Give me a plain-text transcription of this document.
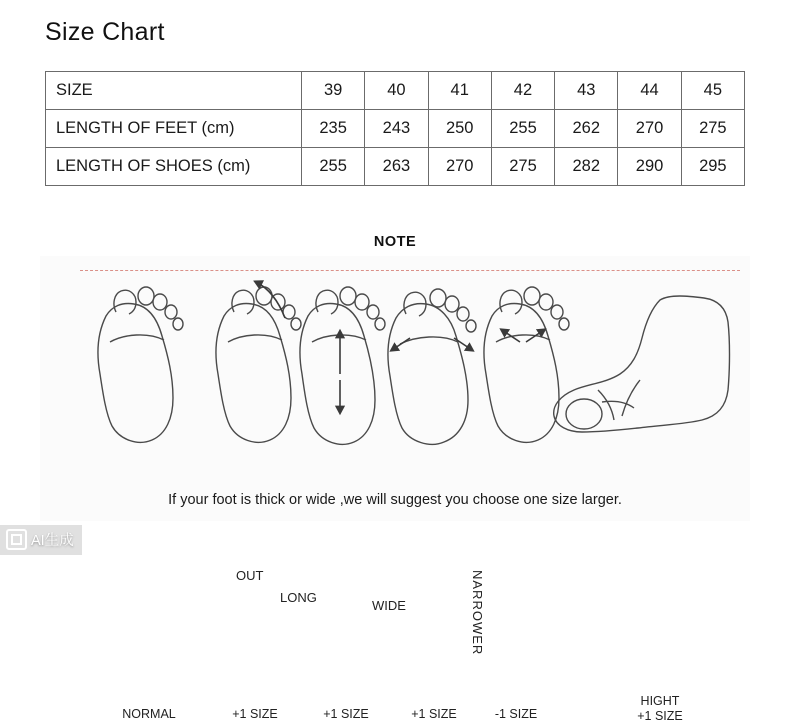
Size Chart
SIZE	39	40	41	42	43	44	45
LENGTH OF FEET (cm)	235	243	250	255	262	270	275
LENGTH OF SHOES (cm)	255	263	270	275	282	290	295
NOTE
OUT
LONG
WIDE	NARROWER
NORMAL	+1 SIZE	+1 SIZE	+1 SIZE	-1 SIZE
HIGHT
+1 SIZE
If your foot is thick or wide ,we will suggest you choose one size larger.
AI生成
